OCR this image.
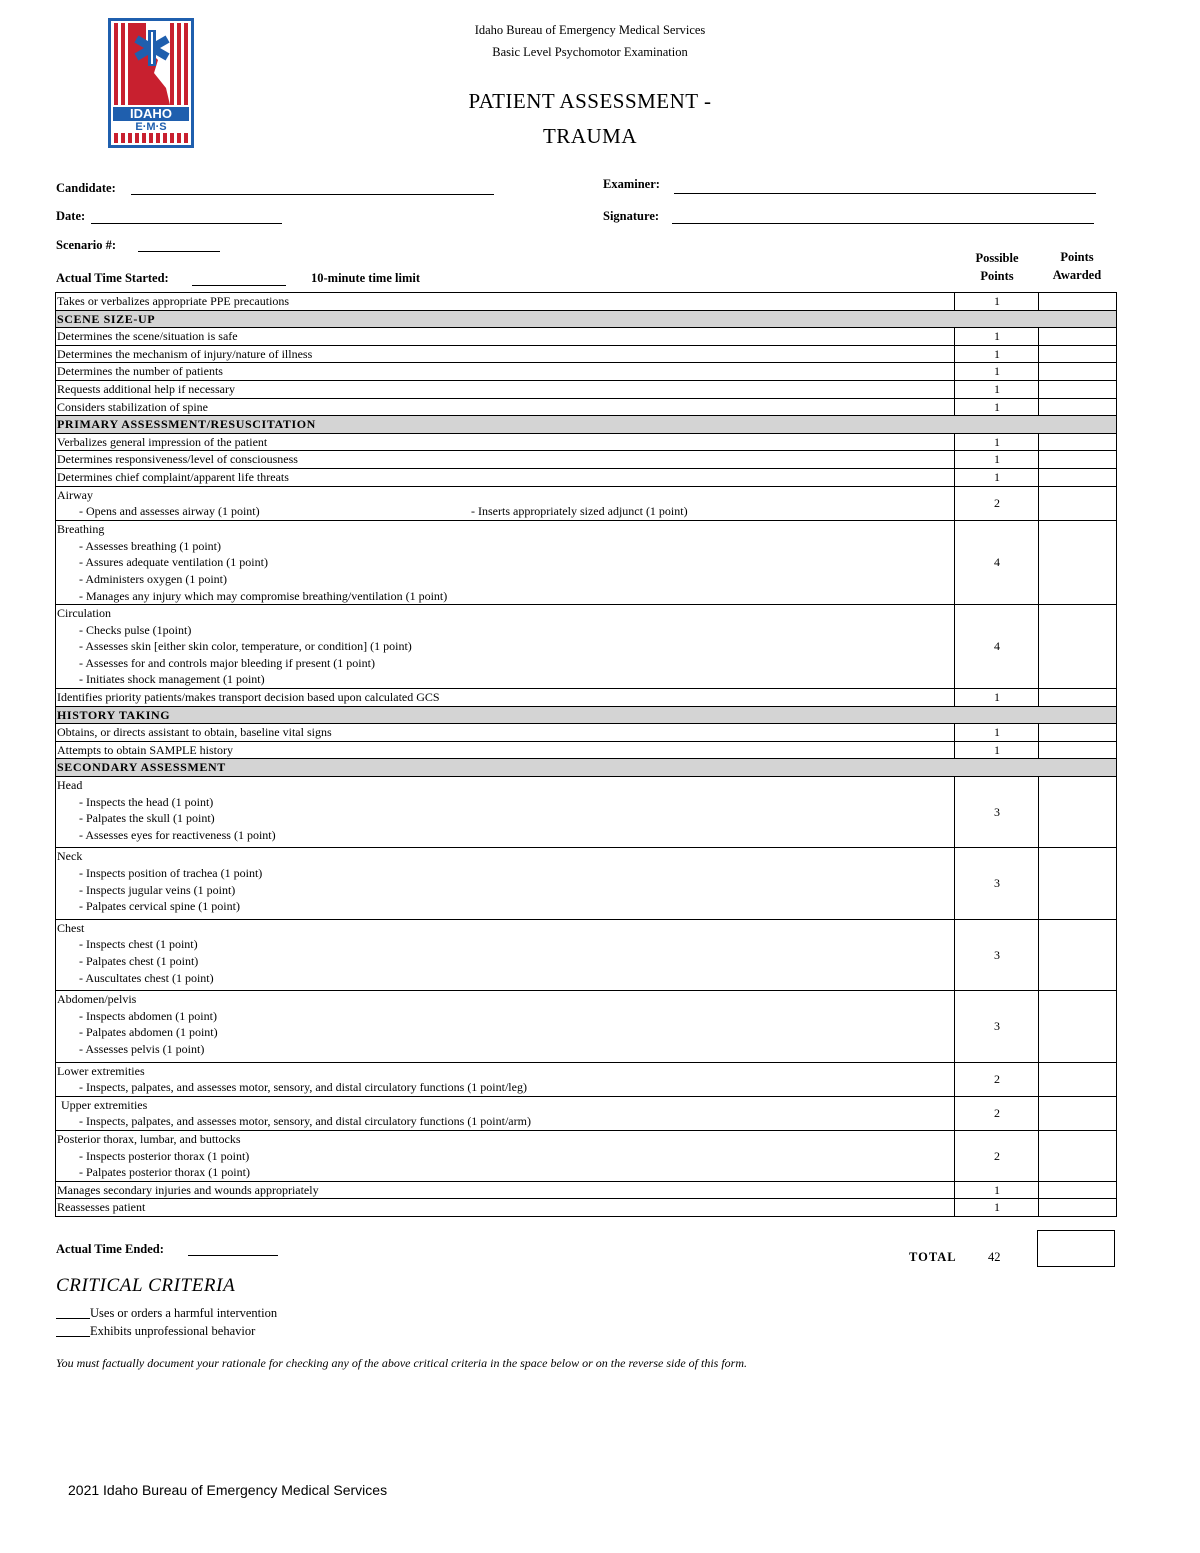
IDAHO
E·M·S
Idaho Bureau of Emergency Medical Services
Basic Level Psychomotor Examination
PATIENT ASSESSMENT -
TRAUMA
Candidate:	Examiner:
Date:	Signature:
Scenario #:
Actual Time Started:	10-minute time limit
Possible
Points
Points
Awarded
Takes or verbalizes appropriate PPE precautions	1	
SCENE SIZE-UP		
Determines the scene/situation is safe	1	
Determines the mechanism of injury/nature of illness	1	
Determines the number of patients	1	
Requests additional help if necessary	1	
Considers stabilization of spine	1	
PRIMARY ASSESSMENT/RESUSCITATION		
Verbalizes general impression of the patient	1	
Determines responsiveness/level of consciousness	1	
Determines chief complaint/apparent life threats	1	

Airway
- Opens and assesses airway (1 point) - Inserts appropriately sized adjunct (1 point)	2	

Breathing
- Assesses breathing (1 point)
- Assures adequate ventilation (1 point)
- Administers oxygen (1 point)
- Manages any injury which may compromise breathing/ventilation (1 point)	4	

Circulation
- Checks pulse (1point)
- Assesses skin [either skin color, temperature, or condition] (1 point)
- Assesses for and controls major bleeding if present (1 point)
- Initiates shock management (1 point)	4	
Identifies priority patients/makes transport decision based upon calculated GCS	1	
HISTORY TAKING		
Obtains, or directs assistant to obtain, baseline vital signs	1	
Attempts to obtain SAMPLE history	1	
SECONDARY ASSESSMENT		

Head
- Inspects the head (1 point)
- Palpates the skull (1 point)
- Assesses eyes for reactiveness (1 point)	3	

Neck
- Inspects position of trachea (1 point)
- Inspects jugular veins (1 point)
- Palpates cervical spine (1 point)	3	

Chest
- Inspects chest (1 point)
- Palpates chest (1 point)
- Auscultates chest (1 point)	3	

Abdomen/pelvis
- Inspects abdomen (1 point)
- Palpates abdomen (1 point)
- Assesses pelvis (1 point)	3	

Lower extremities
- Inspects, palpates, and assesses motor, sensory, and distal circulatory functions (1 point/leg)	2	

Upper extremities
- Inspects, palpates, and assesses motor, sensory, and distal circulatory functions (1 point/arm)	2	

Posterior thorax, lumbar, and buttocks
- Inspects posterior thorax (1 point)
- Palpates posterior thorax (1 point)	2	
Manages secondary injuries and wounds appropriately	1	
Reassesses patient	1	
Actual Time Ended:
TOTAL	42
CRITICAL CRITERIA
Uses or orders a harmful intervention
Exhibits unprofessional behavior
You must factually document your rationale for checking any of the above critical criteria in the space below or on the reverse side of this form.
2021 Idaho Bureau of Emergency Medical Services
